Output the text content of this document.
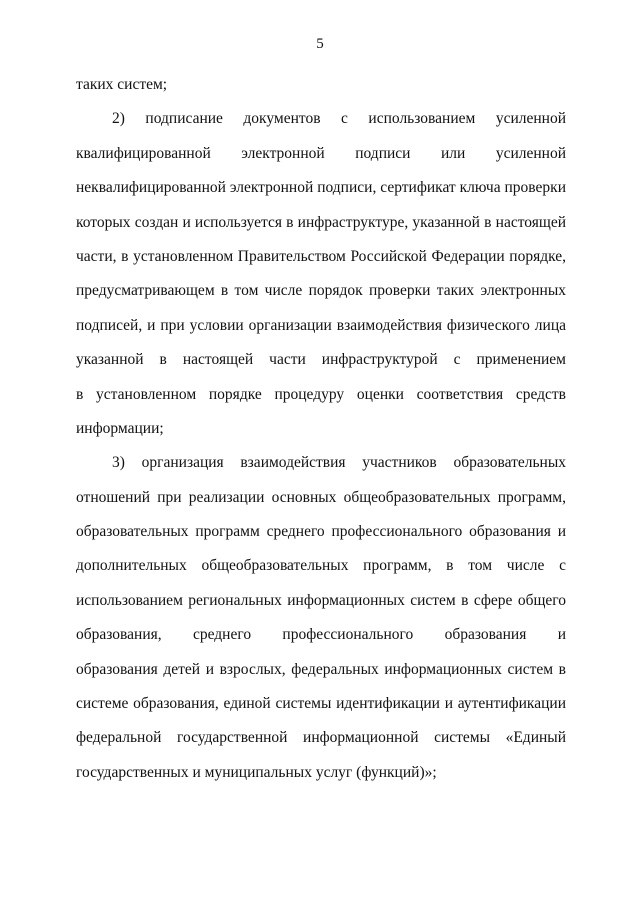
5
таких систем;
2) подписание документов с использованием усиленной
квалифицированной электронной подписи или усиленной
неквалифицированной электронной подписи, сертификат ключа проверки
которых создан и используется в инфраструктуре, указанной в настоящей
части, в установленном Правительством Российской Федерации порядке,
предусматривающем в том числе порядок проверки таких электронных
подписей, и при условии организации взаимодействия физического лица
указанной в настоящей части инфраструктурой с применением
в установленном порядке процедуру оценки соответствия средств
информации;
3) организация взаимодействия участников образовательных
отношений при реализации основных общеобразовательных программ,
образовательных программ среднего профессионального образования и
дополнительных общеобразовательных программ, в том числе с
использованием региональных информационных систем в сфере общего
образования, среднего профессионального образования и
образования детей и взрослых, федеральных информационных систем в
системе образования, единой системы идентификации и аутентификации
федеральной государственной информационной системы «Единый
государственных и муниципальных услуг (функций)»;
